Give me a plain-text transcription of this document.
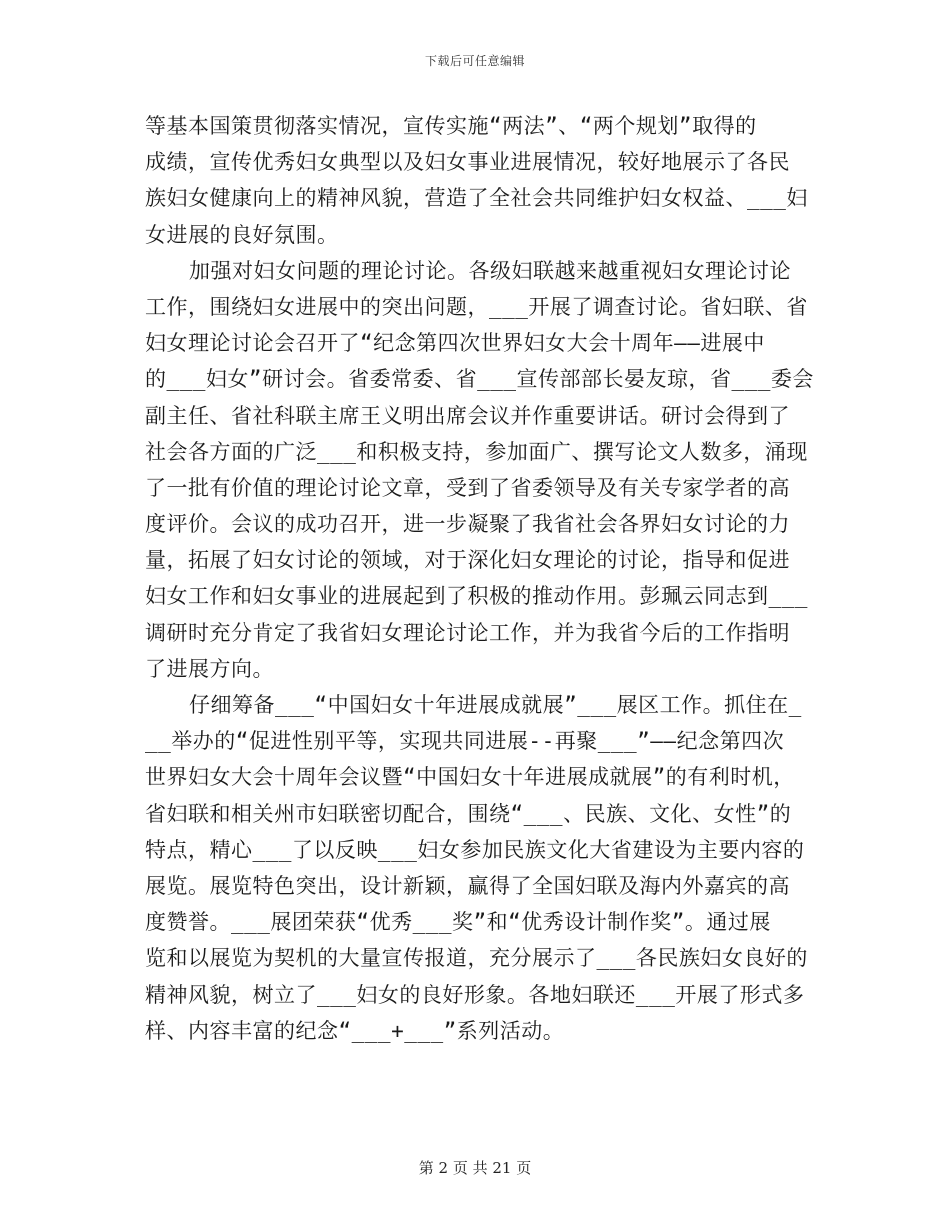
下载后可任意编辑
等基本国策贯彻落实情况，宣传实施“两法”、“两个规划”取得的
成绩，宣传优秀妇女典型以及妇女事业进展情况，较好地展示了各民
族妇女健康向上的精神风貌，营造了全社会共同维护妇女权益、___妇
女进展的良好氛围。
加强对妇女问题的理论讨论。各级妇联越来越重视妇女理论讨论
工作，围绕妇女进展中的突出问题，___开展了调查讨论。省妇联、省
妇女理论讨论会召开了“纪念第四次世界妇女大会十周年——进展中
的___妇女”研讨会。省委常委、省___宣传部部长晏友琼，省___委会
副主任、省社科联主席王义明出席会议并作重要讲话。研讨会得到了
社会各方面的广泛___和积极支持，参加面广、撰写论文人数多，涌现
了一批有价值的理论讨论文章，受到了省委领导及有关专家学者的高
度评价。会议的成功召开，进一步凝聚了我省社会各界妇女讨论的力
量，拓展了妇女讨论的领域，对于深化妇女理论的讨论，指导和促进
妇女工作和妇女事业的进展起到了积极的推动作用。彭珮云同志到___
调研时充分肯定了我省妇女理论讨论工作，并为我省今后的工作指明
了进展方向。
仔细筹备___“中国妇女十年进展成就展”___展区工作。抓住在_
__举办的“促进性别平等，实现共同进展--再聚___”——纪念第四次
世界妇女大会十周年会议暨“中国妇女十年进展成就展”的有利时机，
省妇联和相关州市妇联密切配合，围绕“___、民族、文化、女性”的
特点，精心___了以反映___妇女参加民族文化大省建设为主要内容的
展览。展览特色突出，设计新颖，赢得了全国妇联及海内外嘉宾的高
度赞誉。___展团荣获“优秀___奖”和“优秀设计制作奖”。通过展
览和以展览为契机的大量宣传报道，充分展示了___各民族妇女良好的
精神风貌，树立了___妇女的良好形象。各地妇联还___开展了形式多
样、内容丰富的纪念“___+___”系列活动。
第 2 页 共 21 页
